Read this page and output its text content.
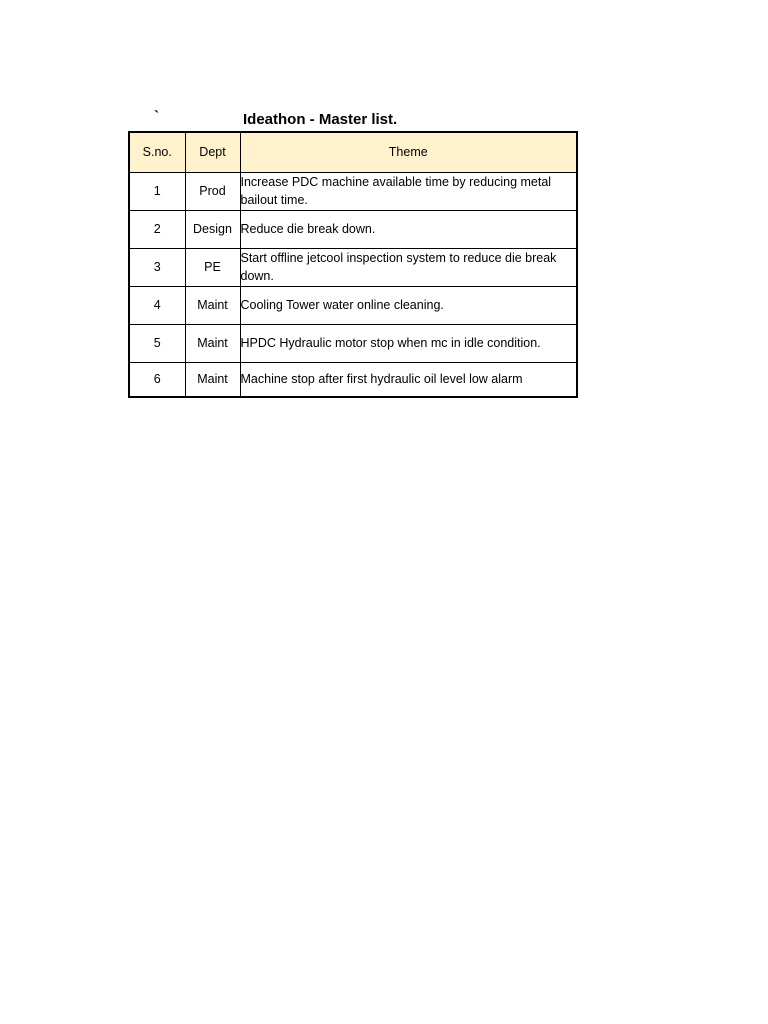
`	Ideathon - Master list.
S.no.	Dept	Theme
1	Prod	Increase PDC machine available time by reducing metal bailout time.
2	Design	Reduce die break down.
3	PE	Start offline jetcool inspection system to reduce die break down.
4	Maint	Cooling Tower water online cleaning.
5	Maint	HPDC Hydraulic motor stop when mc in idle condition.
6	Maint	Machine stop after first hydraulic oil level low alarm
